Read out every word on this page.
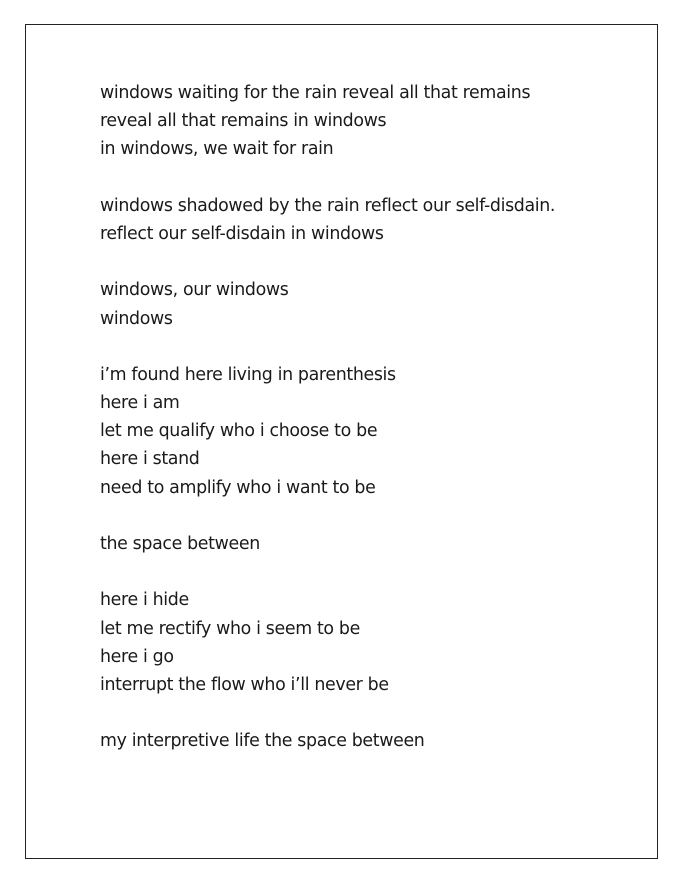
windows waiting for the rain reveal all that remains
reveal all that remains in windows
in windows, we wait for rain
windows shadowed by the rain reflect our self-disdain.
reflect our self-disdain in windows
windows, our windows
windows
i’m found here living in parenthesis
here i am
let me qualify who i choose to be
here i stand
need to amplify who i want to be
the space between
here i hide
let me rectify who i seem to be
here i go
interrupt the flow who i’ll never be
my interpretive life the space between
